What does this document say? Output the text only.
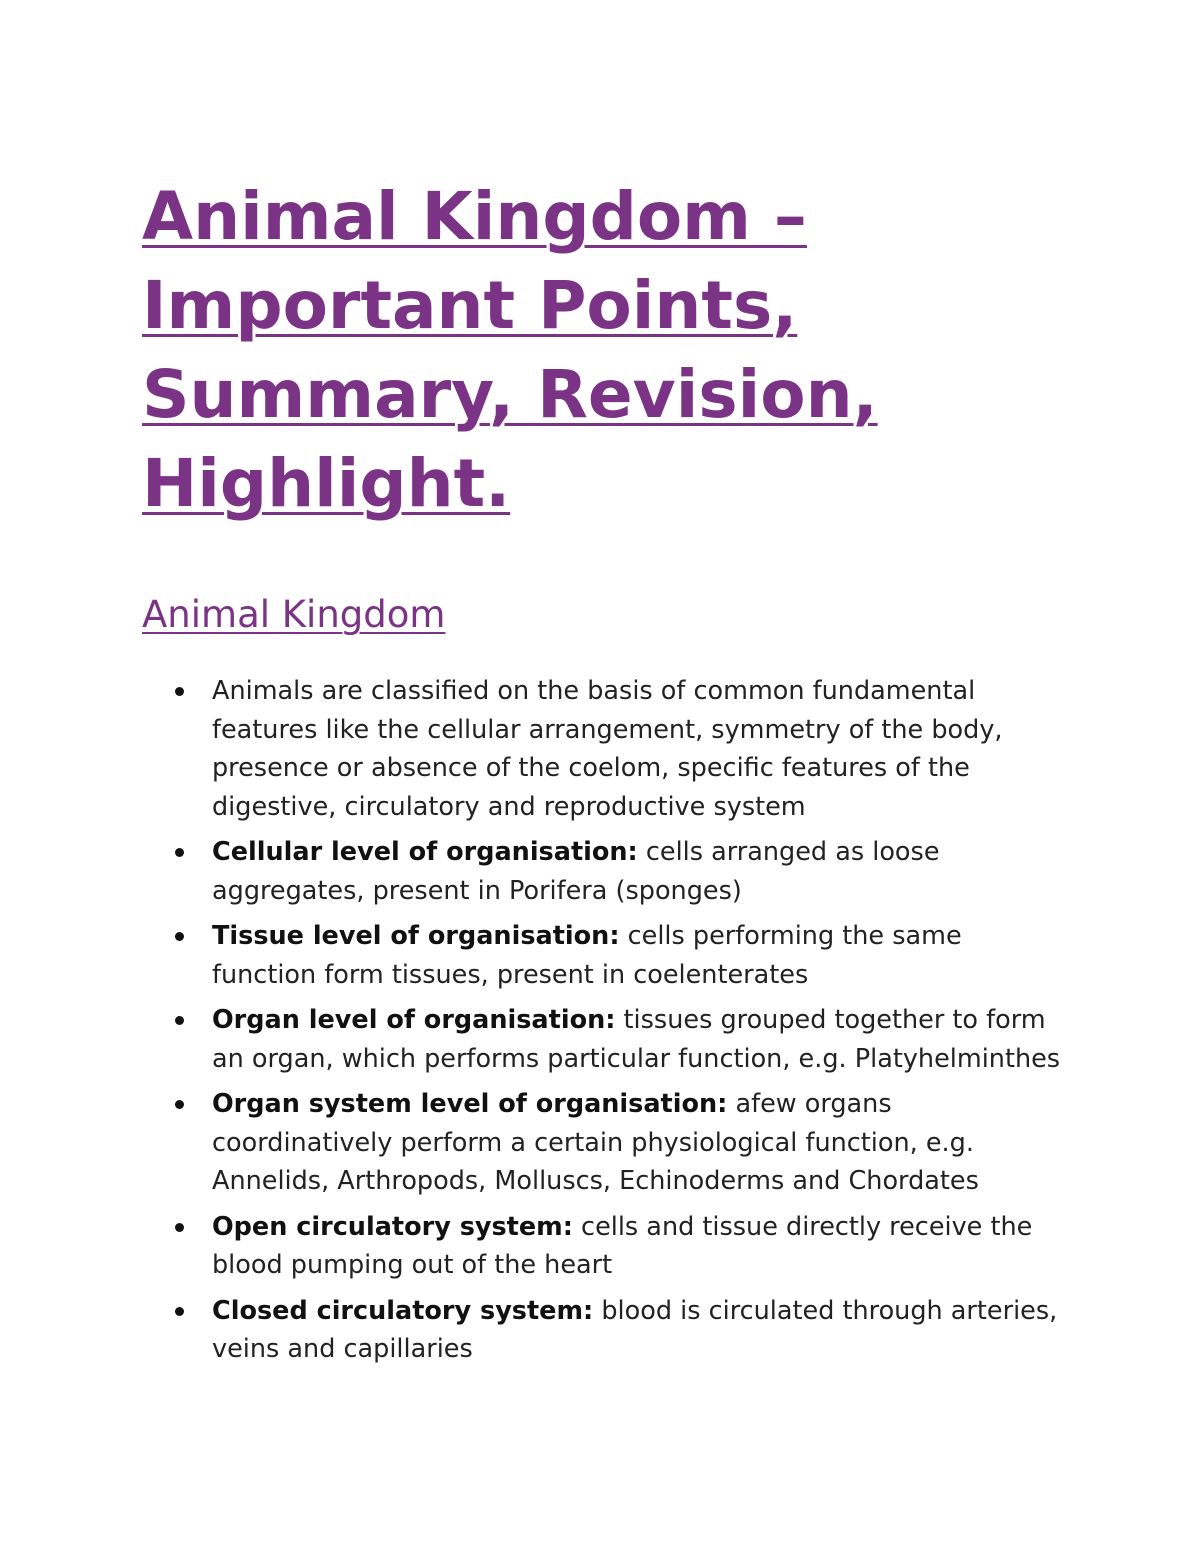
Animal Kingdom –
Important Points,
Summary, Revision,
Highlight.
Animal Kingdom
Animals are classified on the basis of common fundamental features like the cellular arrangement, symmetry of the body, presence or absence of the coelom, specific features of the digestive, circulatory and reproductive system
Cellular level of organisation: cells arranged as loose aggregates, present in Porifera (sponges)
Tissue level of organisation: cells performing the same function form tissues, present in coelenterates
Organ level of organisation: tissues grouped together to form an organ, which performs particular function, e.g. Platyhelminthes
Organ system level of organisation: afew organs coordinatively perform a certain physiological function, e.g. Annelids, Arthropods, Molluscs, Echinoderms and Chordates
Open circulatory system: cells and tissue directly receive the blood pumping out of the heart
Closed circulatory system: blood is circulated through arteries, veins and capillaries
